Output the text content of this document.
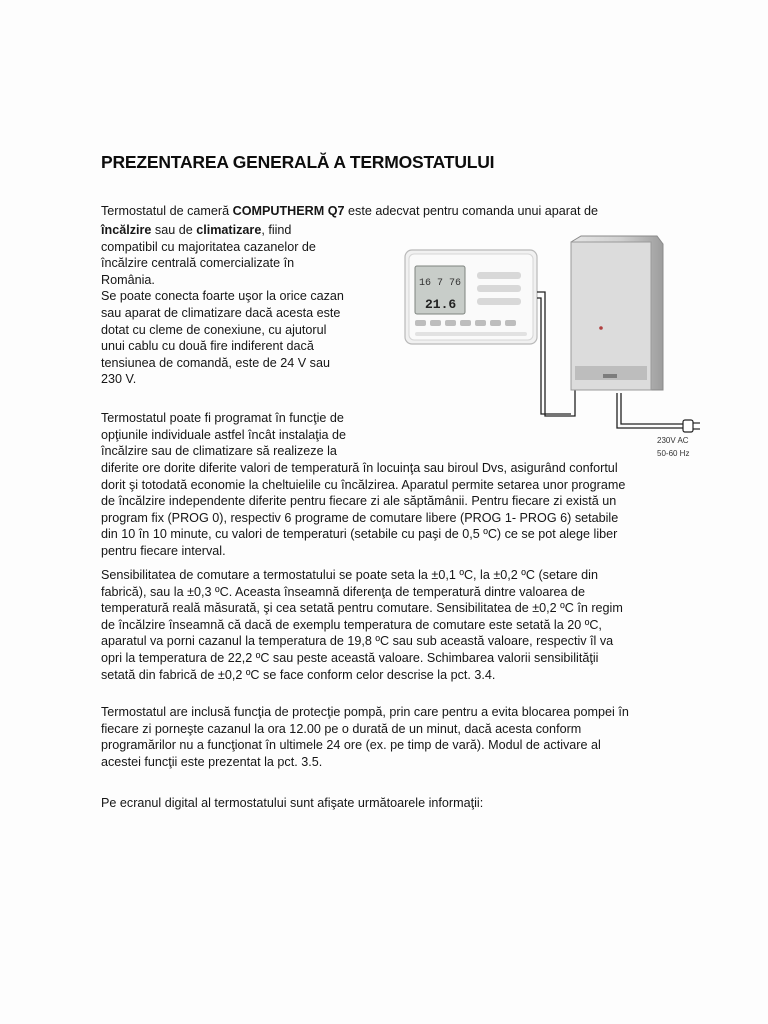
PREZENTAREA GENERALĂ A TERMOSTATULUI
Termostatul de cameră COMPUTHERM Q7 este adecvat pentru comanda unui aparat de
încălzire sau de climatizare, fiind
compatibil cu majoritatea cazanelor de
încălzire centrală comercializate în
România.
Se poate conecta foarte uşor la orice cazan
sau aparat de climatizare dacă acesta este
dotat cu cleme de conexiune, cu ajutorul
unui cablu cu două fire indiferent dacă
tensiunea de comandă, este de 24 V sau
230 V.
16 7 76
21.6
230V AC
50-60 Hz
Termostatul poate fi programat în funcţie de
opţiunile individuale astfel încât instalaţia de
încălzire sau de climatizare să realizeze la
diferite ore dorite diferite valori de temperatură în locuinţa sau biroul Dvs, asigurând confortul
dorit şi totodată economie la cheltuielile cu încălzirea. Aparatul permite setarea unor programe
de încălzire independente diferite pentru fiecare zi ale săptămânii. Pentru fiecare zi există un
program fix (PROG 0), respectiv 6 programe de comutare libere (PROG 1- PROG 6) setabile
din 10 în 10 minute, cu valori de temperaturi (setabile cu paşi de 0,5 ºC) ce se pot alege liber
pentru fiecare interval.
Sensibilitatea de comutare a termostatului se poate seta la ±0,1 ºC, la ±0,2 ºC (setare din
fabrică), sau la ±0,3 ºC. Aceasta înseamnă diferenţa de temperatură dintre valoarea de
temperatură reală măsurată, şi cea setată pentru comutare. Sensibilitatea de ±0,2 ºC în regim
de încălzire înseamnă că dacă de exemplu temperatura de comutare este setată la 20 ºC,
aparatul va porni cazanul la temperatura de 19,8 ºC sau sub această valoare, respectiv îl va
opri la temperatura de 22,2 ºC sau peste această valoare. Schimbarea valorii sensibilităţii
setată din fabrică de ±0,2 ºC se face conform celor descrise la pct. 3.4.
Termostatul are inclusă funcţia de protecţie pompă, prin care pentru a evita blocarea pompei în
fiecare zi porneşte cazanul la ora 12.00 pe o durată de un minut, dacă acesta conform
programărilor nu a funcţionat în ultimele 24 ore (ex. pe timp de vară). Modul de activare al
acestei funcţii este prezentat la pct. 3.5.
Pe ecranul digital al termostatului sunt afişate următoarele informaţii:
